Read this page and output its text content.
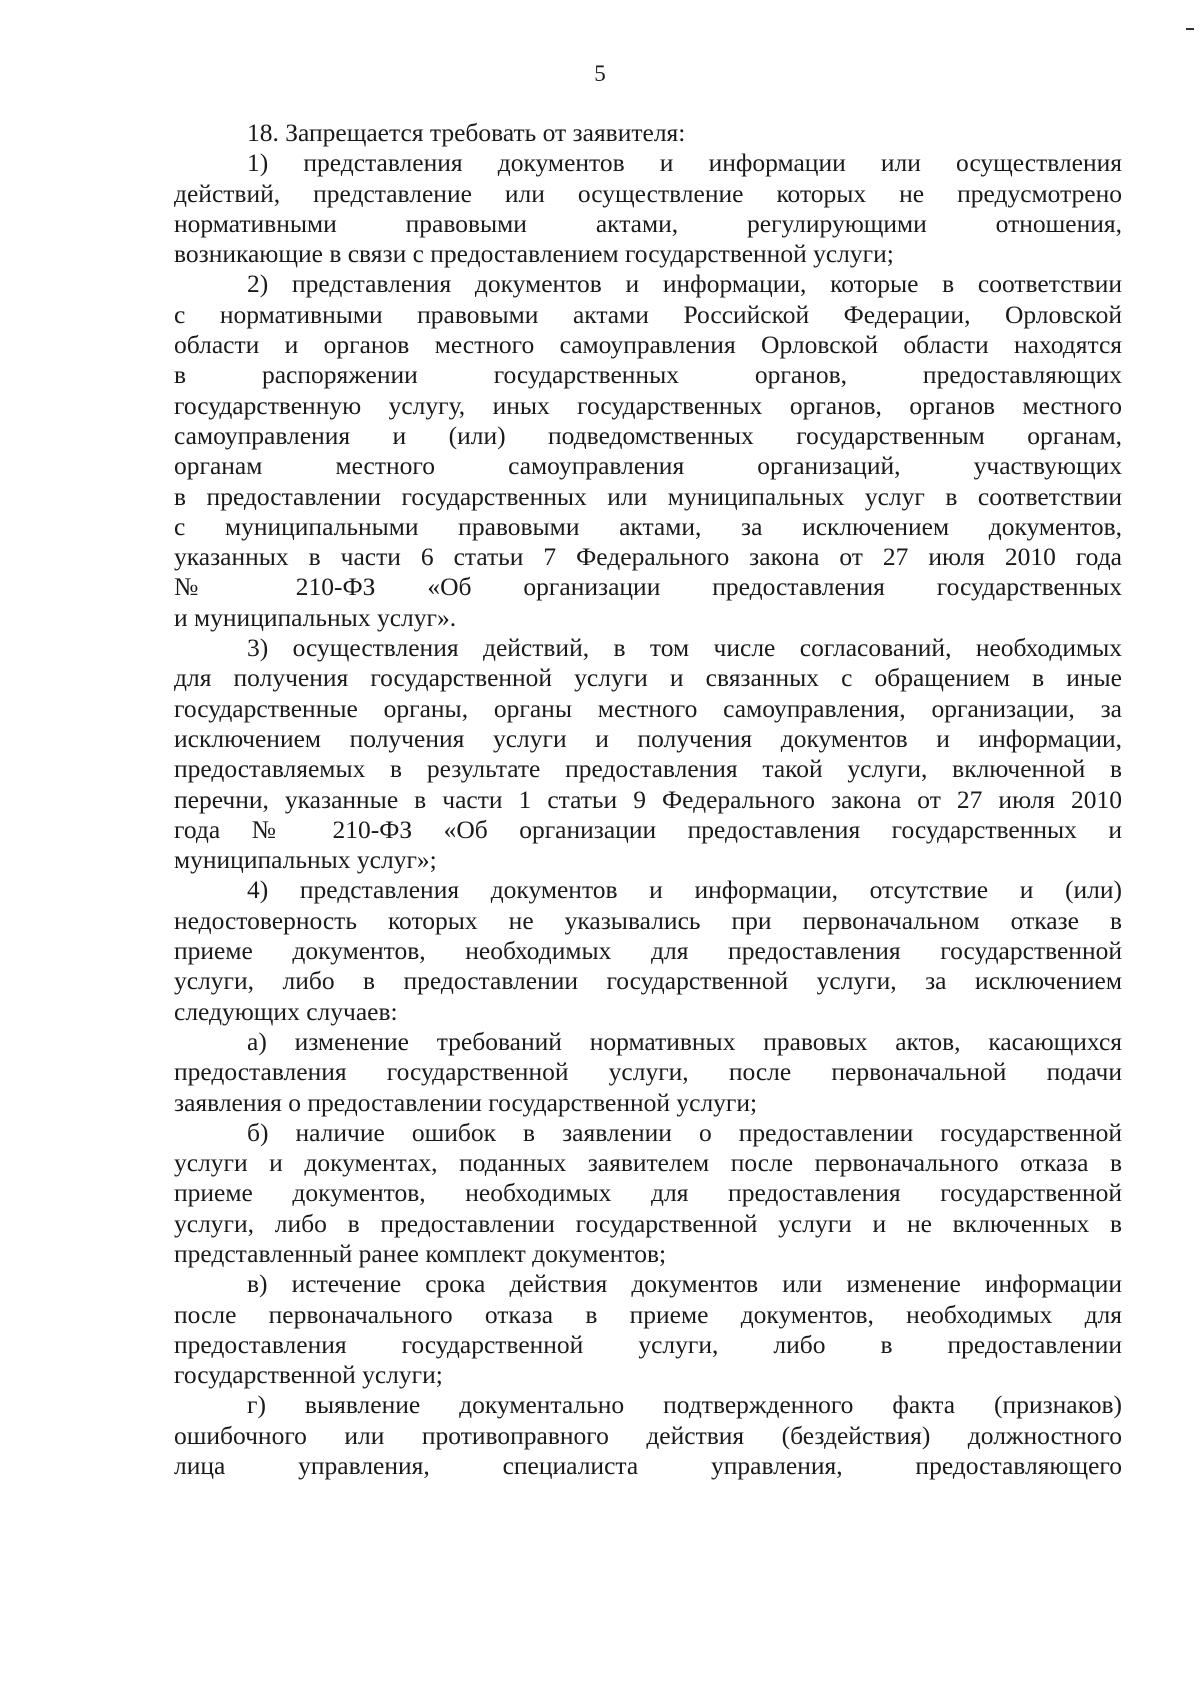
5
18. Запрещается требовать от заявителя:
1) представления документов и информации или осуществления
действий, представление или осуществление которых не предусмотрено
нормативными правовыми актами, регулирующими отношения,
возникающие в связи с предоставлением государственной услуги;
2) представления документов и информации, которые в соответствии
с нормативными правовыми актами Российской Федерации, Орловской
области и органов местного самоуправления Орловской области находятся
в распоряжении государственных органов, предоставляющих
государственную услугу, иных государственных органов, органов местного
самоуправления и (или) подведомственных государственным органам,
органам местного самоуправления организаций, участвующих
в предоставлении государственных или муниципальных услуг в соответствии
с муниципальными правовыми актами, за исключением документов,
указанных в части 6 статьи 7 Федерального закона от 27 июля 2010 года
№ 210-ФЗ «Об организации предоставления государственных
и муниципальных услуг».
3) осуществления действий, в том числе согласований, необходимых
для получения государственной услуги и связанных с обращением в иные
государственные органы, органы местного самоуправления, организации, за
исключением получения услуги и получения документов и информации,
предоставляемых в результате предоставления такой услуги, включенной в
перечни, указанные в части 1 статьи 9 Федерального закона от 27 июля 2010
года № 210-ФЗ «Об организации предоставления государственных и
муниципальных услуг»;
4) представления документов и информации, отсутствие и (или)
недостоверность которых не указывались при первоначальном отказе в
приеме документов, необходимых для предоставления государственной
услуги, либо в предоставлении государственной услуги, за исключением
следующих случаев:
а) изменение требований нормативных правовых актов, касающихся
предоставления государственной услуги, после первоначальной подачи
заявления о предоставлении государственной услуги;
б) наличие ошибок в заявлении о предоставлении государственной
услуги и документах, поданных заявителем после первоначального отказа в
приеме документов, необходимых для предоставления государственной
услуги, либо в предоставлении государственной услуги и не включенных в
представленный ранее комплект документов;
в) истечение срока действия документов или изменение информации
после первоначального отказа в приеме документов, необходимых для
предоставления государственной услуги, либо в предоставлении
государственной услуги;
г) выявление документально подтвержденного факта (признаков)
ошибочного или противоправного действия (бездействия) должностного
лица управления, специалиста управления, предоставляющего
